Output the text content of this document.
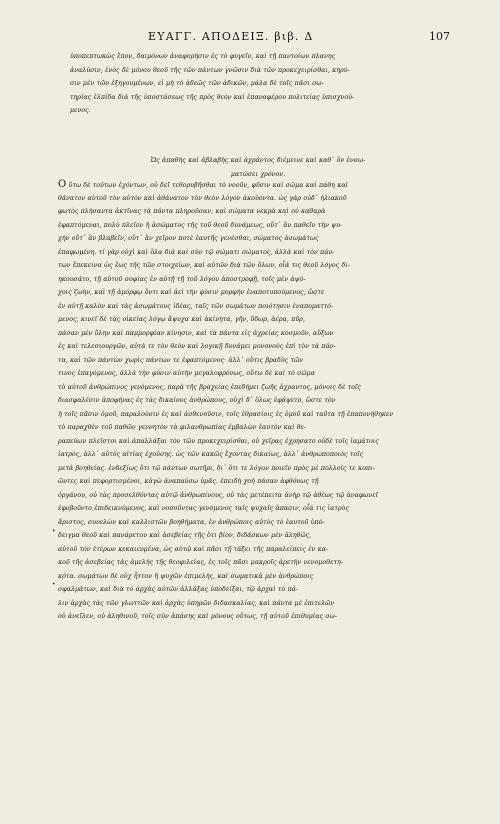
ΕΥΑΓΓ. ΑΠΟΔΕΙΞ. βιβ. Δ	107
ὑποπεπτωκὼς ἔπον, δαιμόνων ἀναφορήσιν ἐς τὸ φυγεῖν, καὶ τῇ παντοίων πλανης
ἀναλύσιν, ἑνὸς δὲ μόνου θεοῦ τῆς τῶν πάντων γνῶσιν διὰ τῶν προκεχειρίσθαι, κηρύ-
σιν μὲν τῶν ἐξηγουμένων, εἰ μὴ τὸ ἀδεῶς τῶν ἀδικῶν, μάλα δὲ τοῖς πᾶσι σω-
τηρίας ἐλπίδα διὰ τῆς ὑποστάσεως τῆς πρὸς θεὸν καὶ ἐπαναφέρου πολιτείας ὑπισχνού-
μενος.
Ὡς ἀπαθὴς καὶ ἀβλαβὴς καὶ ἀχράντος διέμεινε καὶ καθ᾽ ὃν ἐνσω-
ματώσει χρόνον.
Ο ὕτω δὲ τούτων ἐχόντων, οὐ δεῖ τεθορυβῆσθαι τὸ νοοῦν, φῦσιν καὶ σῶμα καὶ πάθη καὶ
θάνατον αὐτοῦ τὸν αὐτὸν καὶ ἀθάνατον τὸν θεὸν λόγον ἀκούοντα. ὡς γὰρ οὐδ᾽ ἡλιακοῦ
φωτὸς πλήσαντα ἀκτῖνας τὰ πάντα πληροῦσαν, καὶ σώματα νεκρὰ καὶ οὐ καθαρὰ
ἐφαπτόμεναι, πολὺ πλεῖον ἢ ἀσώματος τῆς τοῦ θεοῦ δυνάμεως, οὔτ᾽ ἂν παθεῖν τὴν ψυ-
χὴν οὔτ᾽ ἂν βλαβεῖν, οὔτ᾽ ἂν χεῖρον ποτὲ ἑαυτῆς γενέσθαι, σώματος ἀσωμάτως
ἐπαφωμένη. τί γὰρ οὐχὶ καὶ ὅλα διὰ καὶ σὺν τῷ σώματι σώματος, ἀλλὰ καὶ τὸν πάν-
των ἔπεκεινα ὡς ἕως τῆς τῶν στοιχείων, καὶ αὐτῶν διὰ τῶν ὅλων, οἷά τις θεοῦ λόγος δι-
ηκουσάτο, τῇ αὐτοῦ σοφίας ἐν αὐτῇ τῇ τοῦ λόγου ἀποστροφῇ, τοῖς μὲν ἀψύ-
χοις ζωὴν, καὶ τῇ ἀμόρφῳ ὄντι καὶ ἀεὶ τὴν φύσιν μορφὴν ἐναποτυπούμενος, ὥστε
ἐν αὐτῇ καλὸν καὶ τὰς ἀσωμάτους ἰδέας, ταῖς τῶν σωμάτων ποιότησιν ἐναποματτό-
μενος, κινεῖ δὲ τὰς οἰκείας λόγῳ ἄψυχα καὶ ἀκίνητα, γῆν, ὕδωρ, ἀέρα, πῦρ,
πάσαν μὲν ὕλην καὶ παμμορφίαν κίνησιν, καὶ τὰ πάντα εἰς ἀχρείας κοσμοῦν, αὔξων
ἐς καὶ τελεσιουργῶν, αὐτὰ τε τὸν θεὸν καὶ λογικῇ δυνάμει μονονοὺς ἐπὶ τὸν τὰ πάν-
τα, καὶ τῶν πάντων χωρὶς πάντων τε ἐφαπτόμενος· ἀλλ᾽ οὔτις βραδὺς τῶν
τινος ἐπαγόμενος, ἀλλὰ τὴν φύσιν αὐτὴν μεγαλοφρόνως, οὕτω δὲ καὶ τὸ σῶμα
τὸ αὐτοῦ ἀνθρώπινος γενόμενος, παρὰ τῆς βραχείας ἐπεδήμει ζωῆς ἀχραντος, μόνοις δὲ τοῖς
διασφαλέσιν ἀποφήνας ἐς τὰς δικαίους ἀνθρώπους, οὐχὶ δ᾽ ὅλως ἐφάψετο, ὥστε τὸν
ἡ τοῖς πᾶσιν ὁμοῦ, παραλούσιν ἐς καὶ ἀσθενοῦσιν, τοῖς ἐθρασίοις ἐς ὁμοῦ καὶ ταῦτα τῇ ἐπαπονήθηκεν
τὸ παραχθὲν τοῦ παθῶν γεννητὸν τὰ φιλανθρωπίας ἐμβαλὼν ἑαυτὸν καὶ θε-
ραπεύων πλεῖστοι καὶ ἀπαλλάξαι τὸν τῶν προκεχειρίσθαι, οὐ χεῖρας ἐχρησατο οὐδὲ τοῖς ἰαμάτοις
ἰατρὸς, ἀλλ᾽ αὐτὸς αἰτίας ἐχούσης. ὡς τῶν κακῶς ἔχοντας δικαίως, ἀλλ᾽ ἀνθρωποποιὸς τοῖς
μετὰ βοηθείας. ἐνδεξίως ὅτι τῷ πάντων σωτῆρι, δι᾽ ὅτι τε λόγον ποιεῖν πρὸς μέ πολλοῖς τε κοπι-
ῶντες καὶ πεφορτισμένοι, κἀγὼ ἀναπαύσω ὑμᾶς. ἐπειδὴ χοὴ πάσαν ἀφθόνως τῇ
ὀργάνου, οὐ τὰς προσελθόντας αὐτῷ ἀνθρωπίνους, οὐ τὰς μετέπειτα ἀνὴρ τῷ ἀθέως τῷ ἀναφωνεῖ
ἐφοβοῦντο ἐπιδεικνύμενος, καὶ νοσοῦντας γενόμενος ταῖς ψυχαῖς ἀπασιν, οἷά τις ἰατρὸς
ἄριστος, συνελὼν καὶ καλλιστῶν βοηθήματα, ἐν ἀνθρώποις αὐτὸς τὸ ἑαυτοῦ ὑπό-
δειγμα θεοῦ καὶ πανάρετου καὶ ἀσεβείας τῆς ὅτι βίον, διδάσκων μὲν ἀληθῶς,
αὐτοῦ τὸν ἑτέρων κεκαιευμένα, ὡς αὐτῷ καὶ πᾶσι τῇ τάξει τῆς παραλείπεις ἐν κα-
κοῦ τῆς ἀσεβείας τὰς ἀμελὴς τῆς θεοφιλείας, ἐς τοῖς πᾶσι μακροῖς ἀρετὴν νενομοθετη-
κότα. σωμάτων δὲ οὐχ ἧττον ἢ ψυχῶν ἐπιμελὴς, καὶ σωματικὰ μὲν ἀνθρώποις
σφαλμάτων, καὶ διὰ τὸ ἀρχὰς αὐτῶν ἀλλάξας ὑποδείξαι, τῷ ἀρχαὶ τὸ πά-
λιν ἀρχὰς τὰς τῶν γλωττῶν καὶ ἀρχὰς ὑπηρῶν διδασκαλίας, καὶ πάντα μὲ ἐπιτελῶν
οὐ ἀνεῖλεν, οὐ ἀληθινοῦ, τοῖς σὺν ἀπάσης καὶ μόνους οὕτως, τῇ αὐτοῦ ἐπιθυμίας σω-
•
•
